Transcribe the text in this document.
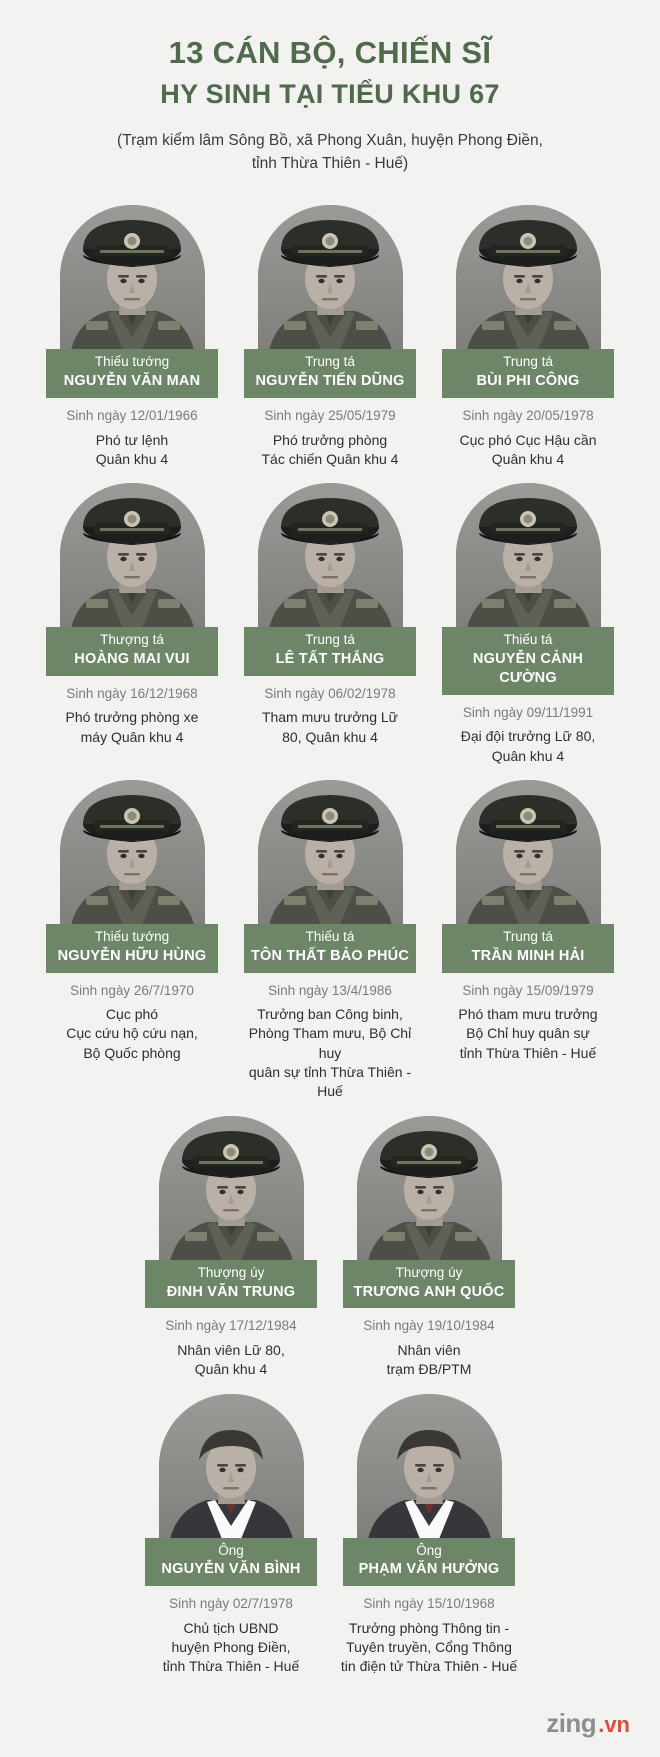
13 CÁN BỘ, CHIẾN SĨ
HY SINH TẠI TIỂU KHU 67

(Trạm kiểm lâm Sông Bồ, xã Phong Xuân, huyện Phong Điền, tỉnh Thừa Thiên - Huế)

Thiếu tướng
NGUYỄN VĂN MAN
Sinh ngày 12/01/1966
Phó tư lệnh
Quân khu 4
Trung tá
NGUYỄN TIẾN DŨNG
Sinh ngày 25/05/1979
Phó trưởng phòng
Tác chiến Quân khu 4
Trung tá
BÙI PHI CÔNG
Sinh ngày 20/05/1978
Cục phó Cục Hậu cần
Quân khu 4
Thượng tá
HOÀNG MAI VUI
Sinh ngày 16/12/1968
Phó trưởng phòng xe
máy Quân khu 4
Trung tá
LÊ TẤT THẮNG
Sinh ngày 06/02/1978
Tham mưu trưởng Lữ
80, Quân khu 4
Thiếu tá
NGUYỄN CẢNH CƯỜNG
Sinh ngày 09/11/1991
Đại đội trưởng Lữ 80,
Quân khu 4
Thiếu tướng
NGUYỄN HỮU HÙNG
Sinh ngày 26/7/1970
Cục phó
Cục cứu hộ cứu nạn,
Bộ Quốc phòng
Thiếu tá
TÔN THẤT BẢO PHÚC
Sinh ngày 13/4/1986
Trưởng ban Công binh,
Phòng Tham mưu, Bộ Chỉ huy
quân sự tỉnh Thừa Thiên - Huế
Trung tá
TRẦN MINH HẢI
Sinh ngày 15/09/1979
Phó tham mưu trưởng
Bộ Chỉ huy quân sự
tỉnh Thừa Thiên - Huế
Thượng úy
ĐINH VĂN TRUNG
Sinh ngày 17/12/1984
Nhân viên Lữ 80,
Quân khu 4
Thượng úy
TRƯƠNG ANH QUỐC
Sinh ngày 19/10/1984
Nhân viên
trạm ĐB/PTM
Ông
NGUYỄN VĂN BÌNH
Sinh ngày 02/7/1978
Chủ tịch UBND
huyện Phong Điền,
tỉnh Thừa Thiên - Huế
Ông
PHẠM VĂN HƯỞNG
Sinh ngày 15/10/1968
Trưởng phòng Thông tin -
Tuyên truyền, Cổng Thông
tin điện tử Thừa Thiên - Huế
zing . vn
